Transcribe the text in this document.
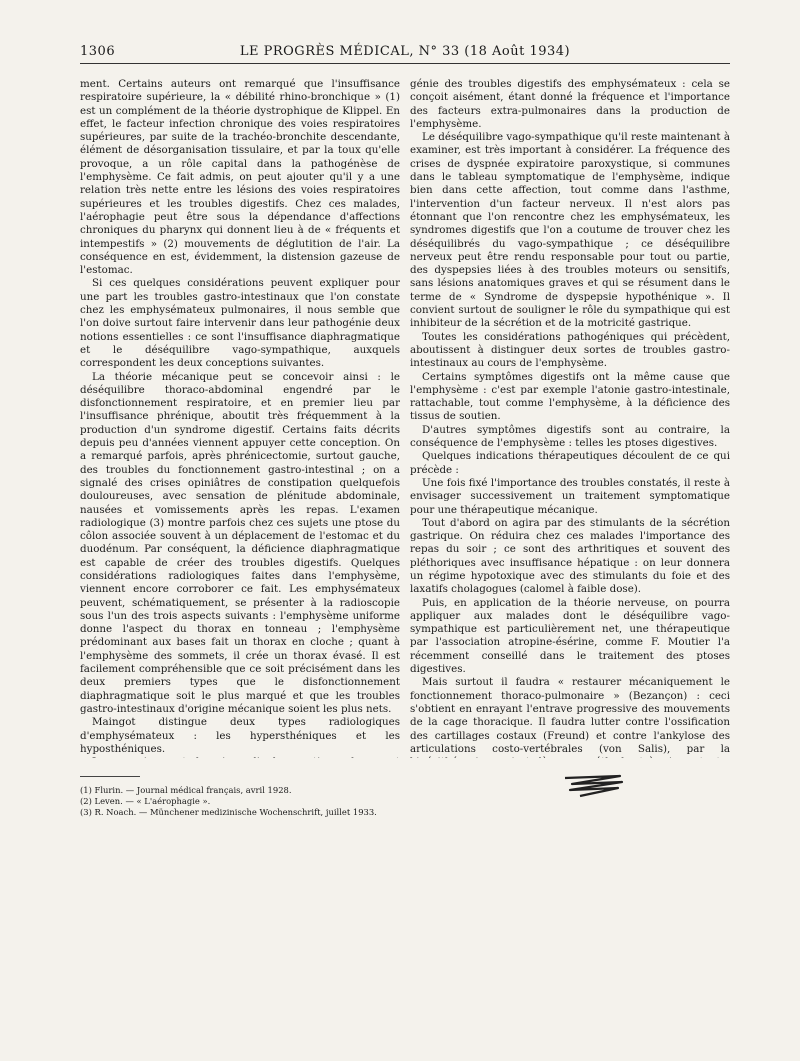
1306	LE PROGRÈS MÉDICAL, N° 33 (18 Août 1934)

ment. Certains auteurs ont remarqué que l'insuffisance respiratoire supérieure, la « débilité rhino-bronchique » (1) est un complément de la théorie dystrophique de Klippel. En effet, le facteur infection chronique des voies respiratoires supérieures, par suite de la trachéo-bronchite descendante, élément de désorganisation tissulaire, et par la toux qu'elle provoque, a un rôle capital dans la pathogénèse de l'emphysème. Ce fait admis, on peut ajouter qu'il y a une relation très nette entre les lésions des voies respiratoires supérieures et les troubles digestifs. Chez ces malades, l'aérophagie peut être sous la dépendance d'affections chroniques du pharynx qui donnent lieu à de « fréquents et intempestifs » (2) mouvements de déglutition de l'air. La conséquence en est, évidemment, la distension gazeuse de l'estomac.

Si ces quelques considérations peuvent expliquer pour une part les troubles gastro-intestinaux que l'on constate chez les emphysémateux pulmonaires, il nous semble que l'on doive surtout faire intervenir dans leur pathogénie deux notions essentielles : ce sont l'insuffisance diaphragmatique et le déséquilibre vago-sympathique, auxquels correspondent les deux conceptions suivantes.

La théorie mécanique peut se concevoir ainsi : le déséquilibre thoraco-abdominal engendré par le disfonctionnement respiratoire, et en premier lieu par l'insuffisance phrénique, aboutit très fréquemment à la production d'un syndrome digestif. Certains faits décrits depuis peu d'années viennent appuyer cette conception. On a remarqué parfois, après phrénicectomie, surtout gauche, des troubles du fonctionnement gastro-intestinal ; on a signalé des crises opiniâtres de constipation quelquefois douloureuses, avec sensation de plénitude abdominale, nausées et vomissements après les repas. L'examen radiologique (3) montre parfois chez ces sujets une ptose du côlon associée souvent à un déplacement de l'estomac et du duodénum. Par conséquent, la déficience diaphragmatique est capable de créer des troubles digestifs. Quelques considérations radiologiques faites dans l'emphysème, viennent encore corroborer ce fait. Les emphysémateux peuvent, schématiquement, se présenter à la radioscopie sous l'un des trois aspects suivants : l'emphysème uniforme donne l'aspect du thorax en tonneau ; l'emphysème prédominant aux bases fait un thorax en cloche ; quant à l'emphysème des sommets, il crée un thorax évasé. Il est facilement compréhensible que ce soit précisément dans les deux premiers types que le disfonctionnement diaphragmatique soit le plus marqué et que les troubles gastro-intestinaux d'origine mécanique soient les plus nets.

Maingot distingue deux types radiologiques d'emphysémateux : les hypersthéniques et les hyposthéniques.

génie des troubles digestifs des emphysémateux : cela se conçoit aisément, étant donné la fréquence et l'importance des facteurs extra-pulmonaires dans la production de l'emphysème.

Le déséquilibre vago-sympathique qu'il reste maintenant à examiner, est très important à considérer. La fréquence des crises de dyspnée expiratoire paroxystique, si communes dans le tableau symptomatique de l'emphysème, indique bien dans cette affection, tout comme dans l'asthme, l'intervention d'un facteur nerveux. Il n'est alors pas étonnant que l'on rencontre chez les emphysémateux, les syndromes digestifs que l'on a coutume de trouver chez les déséquilibrés du vago-sympathique ; ce déséquilibre nerveux peut être rendu responsable pour tout ou partie, des dyspepsies liées à des troubles moteurs ou sensitifs, sans lésions anatomiques graves et qui se résument dans le terme de « Syndrome de dyspepsie hypothénique ». Il convient surtout de souligner le rôle du sympathique qui est inhibiteur de la sécrétion et de la motricité gastrique.

Toutes les considérations pathogéniques qui précèdent, aboutissent à distinguer deux sortes de troubles gastro-intestinaux au cours de l'emphysème.

Certains symptômes digestifs ont la même cause que l'emphysème : c'est par exemple l'atonie gastro-intestinale, rattachable, tout comme l'emphysème, à la déficience des tissus de soutien.

D'autres symptômes digestifs sont au contraire, la conséquence de l'emphysème : telles les ptoses digestives.

Quelques indications thérapeutiques découlent de ce qui précède :

Une fois fixé l'importance des troubles constatés, il reste à envisager successivement un traitement symptomatique pour une thérapeutique mécanique.

Tout d'abord on agira par des stimulants de la sécrétion gastrique. On réduira chez ces malades l'importance des repas du soir ; ce sont des arthritiques et souvent des pléthoriques avec insuffisance hépatique : on leur donnera un régime hypotoxique avec des stimulants du foie et des laxatifs cholagogues (calomel à faible dose).

Puis, en application de la théorie nerveuse, on pourra appliquer aux malades dont le déséquilibre vago-sympathique est particulièrement net, une thérapeutique par l'association atropine-ésérine, comme F. Moutier l'a récemment conseillé dans le traitement des ptoses digestives.

Mais surtout il faudra « restaurer mécaniquement le fonctionnement thoraco-pulmonaire » (Bezançon) : ceci s'obtient en enrayant l'entrave progressive des mouvements de la cage thoracique. Il faudra lutter contre l'ossification des cartillages costaux (Freund) et contre l'ankylose des articulations costo-vertébrales (von Salis), par la

(1) Flurin. — Journal médical français, avril 1928.
(2) Leven. — « L'aérophagie ».
(3) R. Noach. — Münchener medizinische Wochenschrift, juillet 1933.
